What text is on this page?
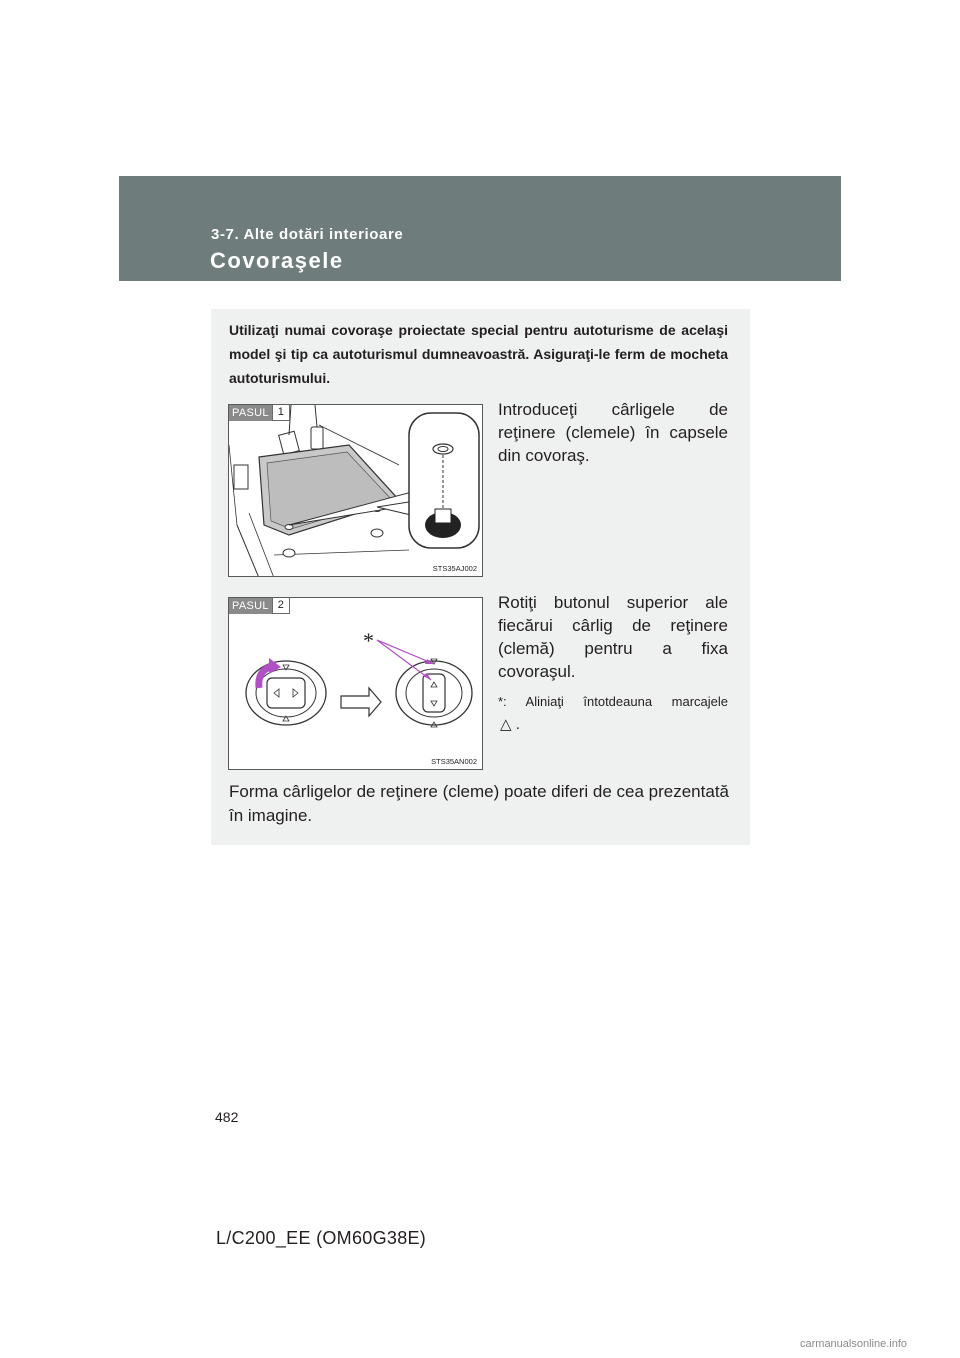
3-7. Alte dotări interioare
Covoraşele
Utilizaţi numai covoraşe proiectate special pentru autoturisme de acelaşi model şi tip ca autoturismul dumneavoastră. Asiguraţi-le ferm de mocheta autoturismului.
PASUL 1
STS35AJ002
Introduceţi cârligele de reţinere (clemele) în capsele din covoraş.
*
PASUL 2
STS35AN002
Rotiţi butonul superior ale fiecărui cârlig de reţinere (clemă) pentru a fixa covoraşul.
*: Aliniaţi întotdeauna marcajele
△ .
Forma cârligelor de reţinere (cleme) poate diferi de cea prezentată în imagine.
482
L/C200_EE (OM60G38E)
carmanualsonline.info
